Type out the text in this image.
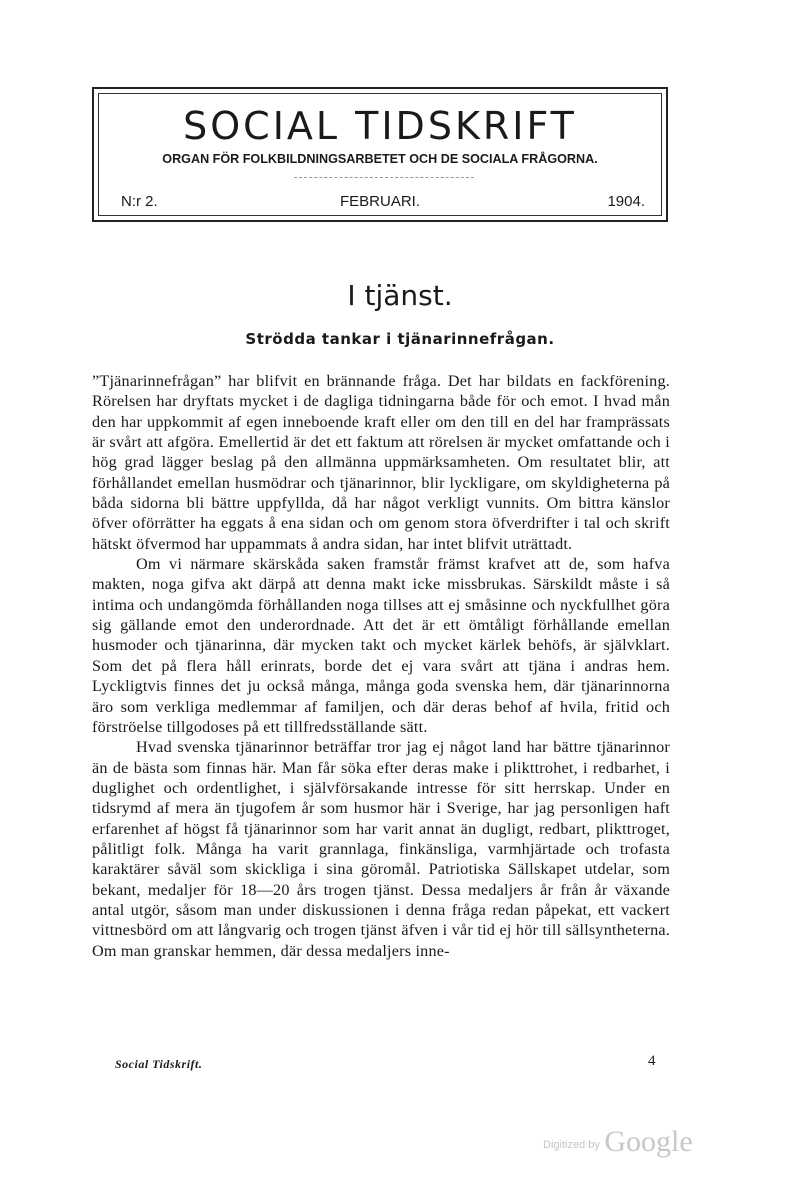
SOCIAL TIDSKRIFT
ORGAN FÖR FOLKBILDNINGSARBETET OCH DE SOCIALA FRÅGORNA.
N:r 2.	FEBRUARI.	1904.
I tjänst.
Strödda tankar i tjänarinnefrågan.

”Tjänarinnefrågan” har blifvit en brännande fråga. Det har bildats en fackförening. Rörelsen har dryftats mycket i de dagliga tidningarna både för och emot. I hvad mån den har uppkommit af egen inneboende kraft eller om den till en del har framprässats är svårt att afgöra. Emellertid är det ett faktum att rörelsen är mycket omfattande och i hög grad lägger beslag på den allmänna uppmärksamheten. Om resultatet blir, att förhållandet emellan husmödrar och tjänarinnor, blir lyckligare, om skyldigheterna på båda sidorna bli bättre uppfyllda, då har något verkligt vunnits. Om bittra känslor öfver oförrätter ha eggats å ena sidan och om genom stora öfverdrifter i tal och skrift hätskt öfvermod har uppammats å andra sidan, har intet blifvit uträttadt.

Om vi närmare skärskåda saken framstår främst krafvet att de, som hafva makten, noga gifva akt därpå att denna makt icke missbrukas. Särskildt måste i så intima och undangömda förhållanden noga tillses att ej småsinne och nyckfullhet göra sig gällande emot den underordnade. Att det är ett ömtåligt förhållande emellan husmoder och tjänarinna, där mycken takt och mycket kärlek behöfs, är självklart. Som det på flera håll erinrats, borde det ej vara svårt att tjäna i andras hem. Lyckligtvis finnes det ju också många, många goda svenska hem, där tjänarinnorna äro som verkliga medlemmar af familjen, och där deras behof af hvila, fritid och förströelse tillgodoses på ett tillfredsställande sätt.

Hvad svenska tjänarinnor beträffar tror jag ej något land har bättre tjänarinnor än de bästa som finnas här. Man får söka efter deras make i plikttrohet, i redbarhet, i duglighet och ordentlighet, i självförsakande intresse för sitt herrskap. Under en tidsrymd af mera än tjugofem år som husmor här i Sverige, har jag personligen haft erfarenhet af högst få tjänarinnor som har varit annat än dugligt, redbart, plikttroget, pålitligt folk. Många ha varit grannlaga, finkänsliga, varmhjärtade och trofasta karaktärer såväl som skickliga i sina göromål. Patriotiska Sällskapet utdelar, som bekant, medaljer för 18—20 års trogen tjänst. Dessa medaljers år från år växande antal utgör, såsom man under diskussionen i denna fråga redan påpekat, ett vackert vittnesbörd om att långvarig och trogen tjänst äfven i vår tid ej hör till sällsyntheterna. Om man granskar hemmen, där dessa medaljers inne-

Social Tidskrift.	4
Digitized by Google
